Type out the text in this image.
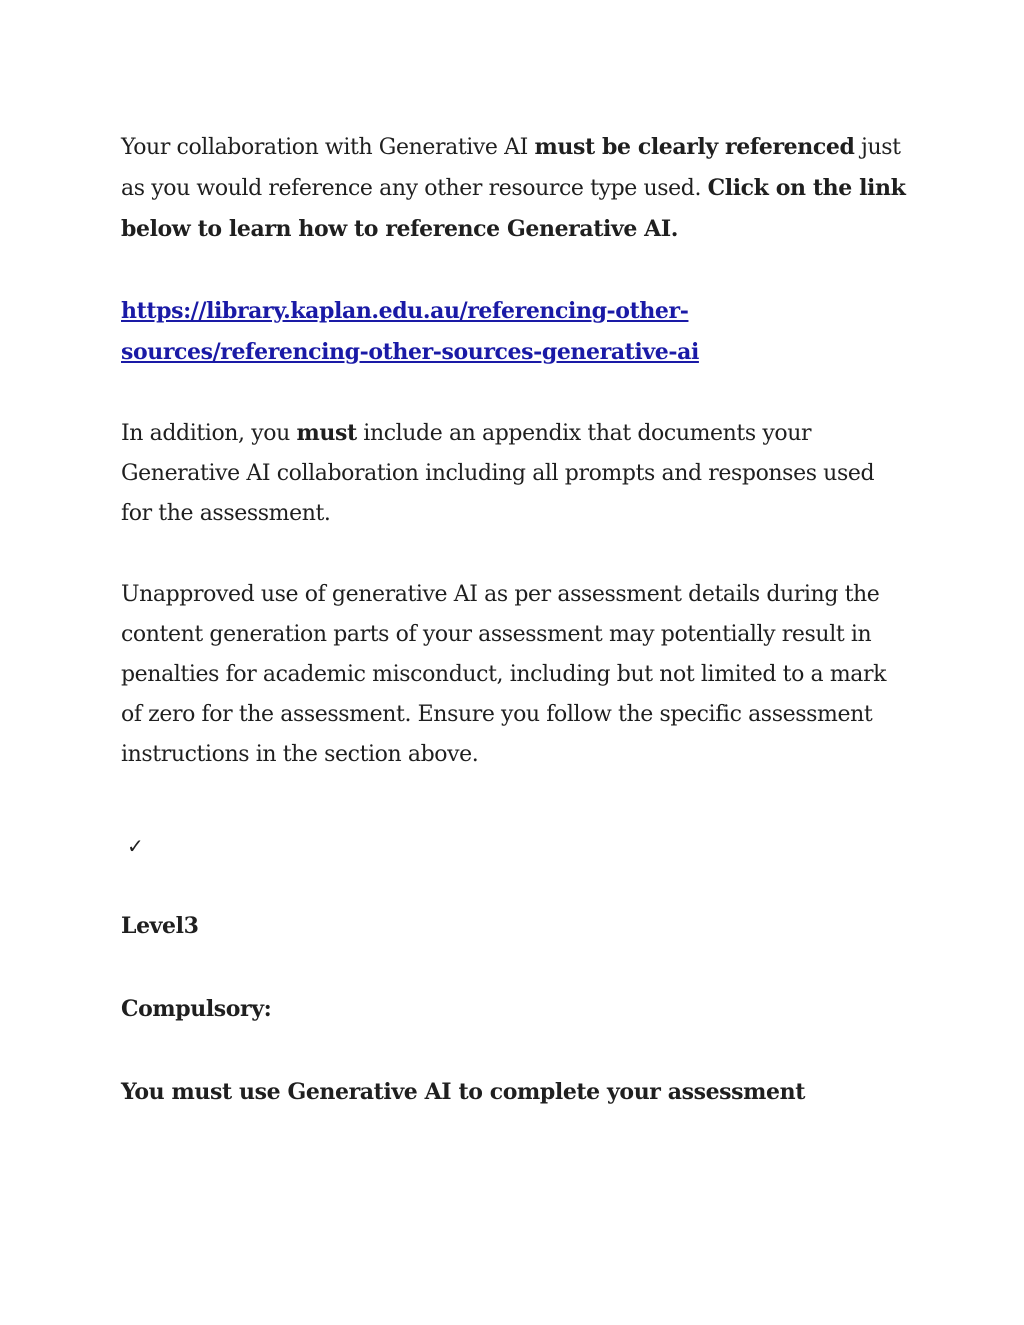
Your collaboration with Generative AI must be clearly referenced just as you would reference any other resource type used. Click on the link below to learn how to reference Generative AI.

https://library.kaplan.edu.au/referencing-other-
sources/referencing-other-sources-generative-ai

In addition, you must include an appendix that documents your Generative AI collaboration including all prompts and responses used for the assessment.

Unapproved use of generative AI as per assessment details during the content generation parts of your assessment may potentially result in penalties for academic misconduct, including but not limited to a mark of zero for the assessment. Ensure you follow the specific assessment instructions in the section above.

✓

Level3

Compulsory:

You must use Generative AI to complete your assessment
